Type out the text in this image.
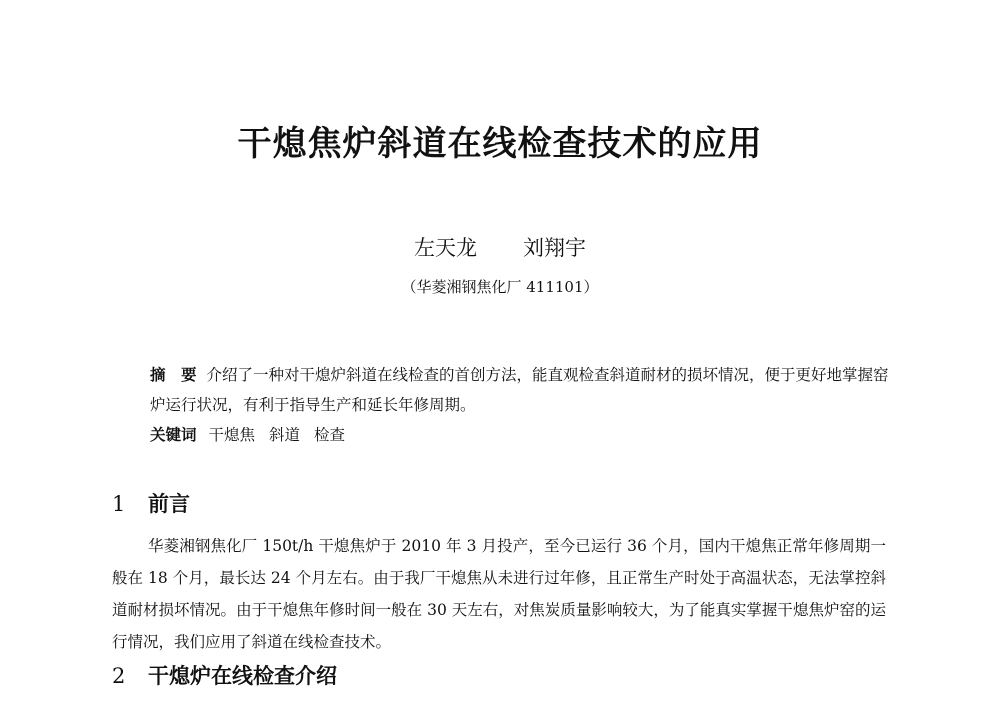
干熄焦炉斜道在线检查技术的应用
左天龙 刘翔宇
（华菱湘钢焦化厂 411101）
摘　要 介绍了一种对干熄炉斜道在线检查的首创方法，能直观检查斜道耐材的损坏情况，便于更好地掌握窑炉运行状况，有利于指导生产和延长年修周期。
关键词 干熄焦 斜道 检查
1 前言
华菱湘钢焦化厂 150t/h 干熄焦炉于 2010 年 3 月投产，至今已运行 36 个月，国内干熄焦正常年修周期一般在 18 个月，最长达 24 个月左右。由于我厂干熄焦从未进行过年修，且正常生产时处于高温状态，无法掌控斜道耐材损坏情况。由于干熄焦年修时间一般在 30 天左右，对焦炭质量影响较大，为了能真实掌握干熄焦炉窑的运行情况，我们应用了斜道在线检查技术。
2 干熄炉在线检查介绍
